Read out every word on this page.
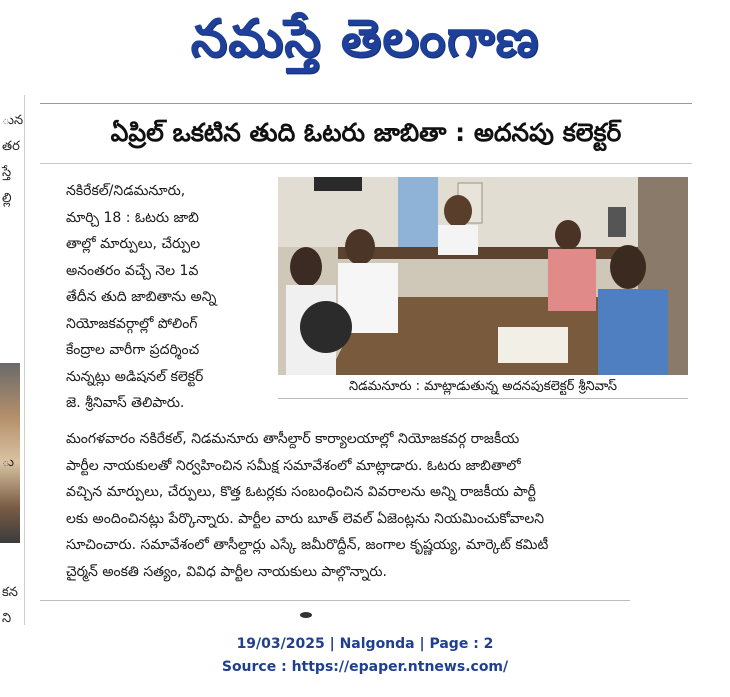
నమస్తే తెలంగాణ
ున
తర
స్తే
ల్లి
ు
కన
ని
ఏప్రిల్ ఒకటిన తుది ఓటరు జాబితా : అదనపు కలెక్టర్
నకిరేకల్/నిడమనూరు,
మార్చి 18 : ఓటరు జాబి
తాల్లో మార్పులు, చేర్పుల
అనంతరం వచ్చే నెల 1వ
తేదీన తుది జాబితాను అన్ని
నియోజకవర్గాల్లో పోలింగ్
కేంద్రాల వారీగా ప్రదర్శించ
నున్నట్లు అడిషనల్ కలెక్టర్
జె. శ్రీనివాస్ తెలిపారు.
నిడమనూరు : మాట్లాడుతున్న అదనపుకలెక్టర్ శ్రీనివాస్
మంగళవారం నకిరేకల్, నిడమనూరు తాసీల్దార్ కార్యాలయాల్లో నియోజకవర్గ రాజకీయ
పార్టీల నాయకులతో నిర్వహించిన సమీక్ష సమావేశంలో మాట్లాడారు. ఓటరు జాబితాలో
వచ్చిన మార్పులు, చేర్పులు, కొత్త ఓటర్లకు సంబంధించిన వివరాలను అన్ని రాజకీయ పార్టీ
లకు అందించినట్లు పేర్కొన్నారు. పార్టీల వారు బూత్ లెవల్ ఏజెంట్లను నియమించుకోవాలని
సూచించారు. సమావేశంలో తాసీల్దార్లు ఎస్కే జమీరొద్దీన్, జంగాల కృష్ణయ్య, మార్కెట్ కమిటీ
చైర్మన్ అంకతి సత్యం, వివిధ పార్టీల నాయకులు పాల్గొన్నారు.
19/03/2025 | Nalgonda | Page : 2
Source : https://epaper.ntnews.com/
